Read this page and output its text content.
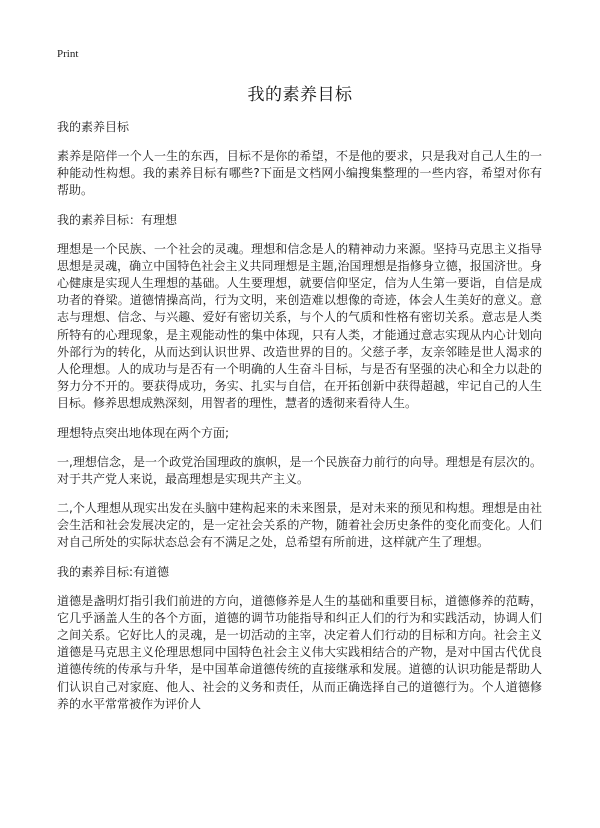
Print
我的素养目标

我的素养目标

素养是陪伴一个人一生的东西，目标不是你的希望，不是他的要求，只是我对自己人生的一种能动性构想。我的素养目标有哪些?下面是文档网小编搜集整理的一些内容，希望对你有帮助。

我的素养目标：有理想

理想是一个民族、一个社会的灵魂。理想和信念是人的精神动力来源。坚持马克思主义指导思想是灵魂，确立中国特色社会主义共同理想是主题,治国理想是指修身立德，报国济世。身心健康是实现人生理想的基础。人生要理想，就要信仰坚定，信为人生第一要诣，自信是成功者的脊梁。道德情操高尚，行为文明，来创造难以想像的奇迹，体会人生美好的意义。意志与理想、信念、与兴趣、爱好有密切关系，与个人的气质和性格有密切关系。意志是人类所特有的心理现象，是主观能动性的集中体现，只有人类，才能通过意志实现从内心计划向外部行为的转化，从而达到认识世界、改造世界的目的。父慈子孝，友亲邻睦是世人渴求的人伦理想。人的成功与是否有一个明确的人生奋斗目标，与是否有坚强的决心和全力以赴的努力分不开的。要获得成功，务实、扎实与自信，在开拓创新中获得超越，牢记自己的人生目标。修养思想成熟深刻，用智者的理性，慧者的透彻来看待人生。

理想特点突出地体现在两个方面;

一,理想信念，是一个政党治国理政的旗帜，是一个民族奋力前行的向导。理想是有层次的。对于共产党人来说，最高理想是实现共产主义。

二,个人理想从现实出发在头脑中建构起来的未来图景，是对未来的预见和构想。理想是由社会生活和社会发展决定的，是一定社会关系的产物，随着社会历史条件的变化而变化。人们对自己所处的实际状态总会有不满足之处，总希望有所前进，这样就产生了理想。

我的素养目标:有道德

道德是盏明灯指引我们前进的方向，道德修养是人生的基础和重要目标，道德修养的范畴，它几乎涵盖人生的各个方面，道德的调节功能指导和纠正人们的行为和实践活动，协调人们之间关系。它好比人的灵魂，是一切活动的主宰，决定着人们行动的目标和方向。社会主义道德是马克思主义伦理思想同中国特色社会主义伟大实践相结合的产物，是对中国古代优良道德传统的传承与升华，是中国革命道德传统的直接继承和发展。道德的认识功能是帮助人们认识自己对家庭、他人、社会的义务和责任，从而正确选择自己的道德行为。个人道德修养的水平常常被作为评价人
